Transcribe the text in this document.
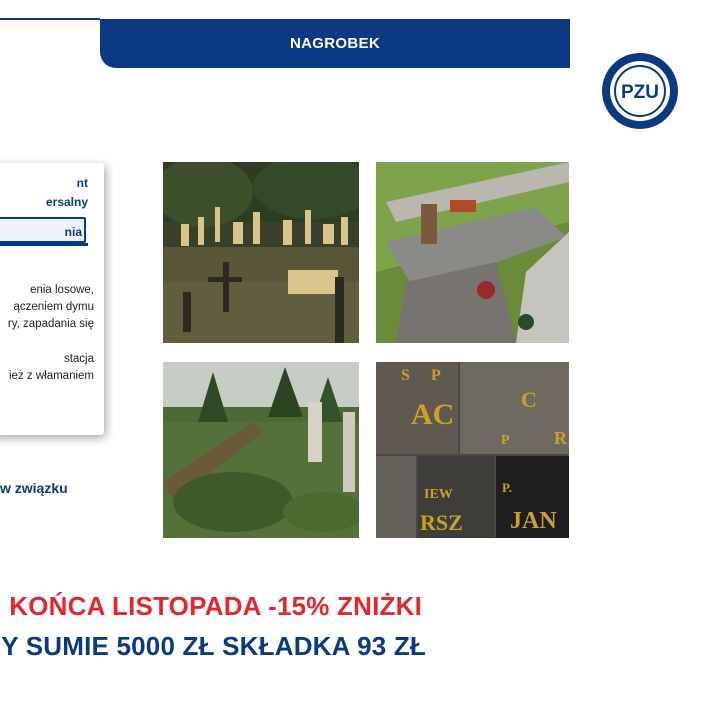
NAGROBEK
PZU
nt
ersalny
nia
enia losowe,
ączeniem dymu
ry, zapadania się
stacja
ież z włamaniem
w związku
S P
AC	C
P R
IEW	P.
RSZ JAN
KOŃCA LISTOPADA -15% ZNIŻKI
Y SUMIE 5000 ZŁ SKŁADKA 93 ZŁ
